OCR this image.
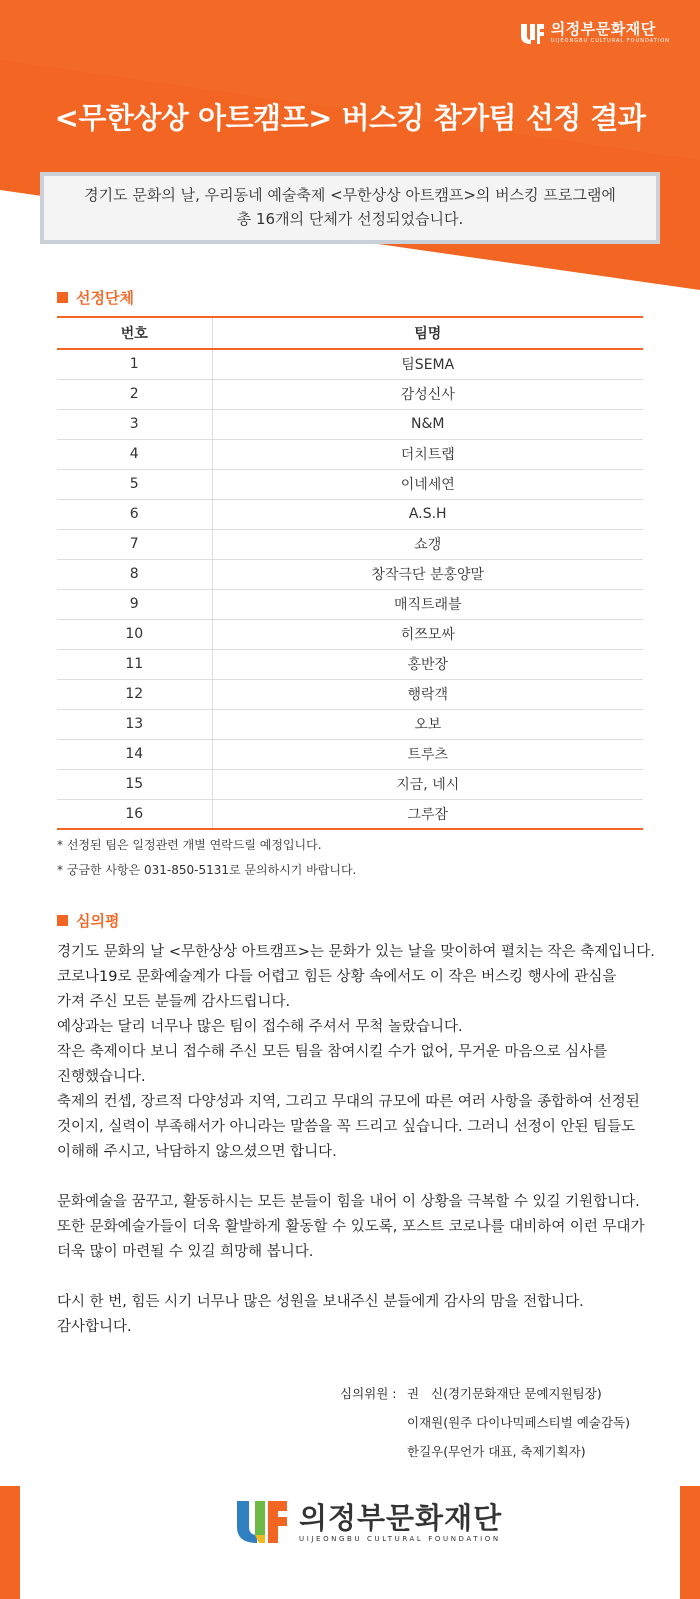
의정부문화재단
UIJEONGBU CULTURAL FOUNDATION
<무한상상 아트캠프> 버스킹 참가팀 선정 결과
경기도 문화의 날, 우리동네 예술축제 <무한상상 아트캠프>의 버스킹 프로그램에
총 16개의 단체가 선정되었습니다.
선정단체
번호	팀명
1	팀SEMA
2	감성신사
3	N&M
4	더치트랩
5	이네세연
6	A.S.H
7	쇼갱
8	창작극단 분홍양말
9	매직트래블
10	히쯔모싸
11	홍반장
12	행락객
13	오보
14	트루츠
15	지금, 네시
16	그루잠
* 선정된 팀은 일정관련 개별 연락드릴 예정입니다.
* 궁금한 사항은 031-850-5131로 문의하시기 바랍니다.
심의평

경기도 문화의 날 <무한상상 아트캠프>는 문화가 있는 날을 맞이하여 펼치는 작은 축제입니다.

코로나19로 문화예술계가 다들 어렵고 힘든 상황 속에서도 이 작은 버스킹 행사에 관심을

가져 주신 모든 분들께 감사드립니다.

예상과는 달리 너무나 많은 팀이 접수해 주셔서 무척 놀랐습니다.

작은 축제이다 보니 접수해 주신 모든 팀을 참여시킬 수가 없어, 무거운 마음으로 심사를

진행했습니다.

축제의 컨셉, 장르적 다양성과 지역, 그리고 무대의 규모에 따른 여러 사항을 종합하여 선정된

것이지, 실력이 부족해서가 아니라는 말씀을 꼭 드리고 싶습니다. 그러니 선정이 안된 팀들도

이해해 주시고, 낙담하지 않으셨으면 합니다.

문화예술을 꿈꾸고, 활동하시는 모든 분들이 힘을 내어 이 상황을 극복할 수 있길 기원합니다.

또한 문화예술가들이 더욱 활발하게 활동할 수 있도록, 포스트 코로나를 대비하여 이런 무대가

더욱 많이 마련될 수 있길 희망해 봅니다.

다시 한 번, 힘든 시기 너무나 많은 성원을 보내주신 분들에게 감사의 맘을 전합니다.

감사합니다.

심의위원 : 권   신(경기문화재단 문예지원팀장)
이재원(원주 다이나믹페스티벌 예술감독)
한길우(무언가 대표, 축제기획자)
의정부문화재단
UIJEONGBU CULTURAL FOUNDATION
